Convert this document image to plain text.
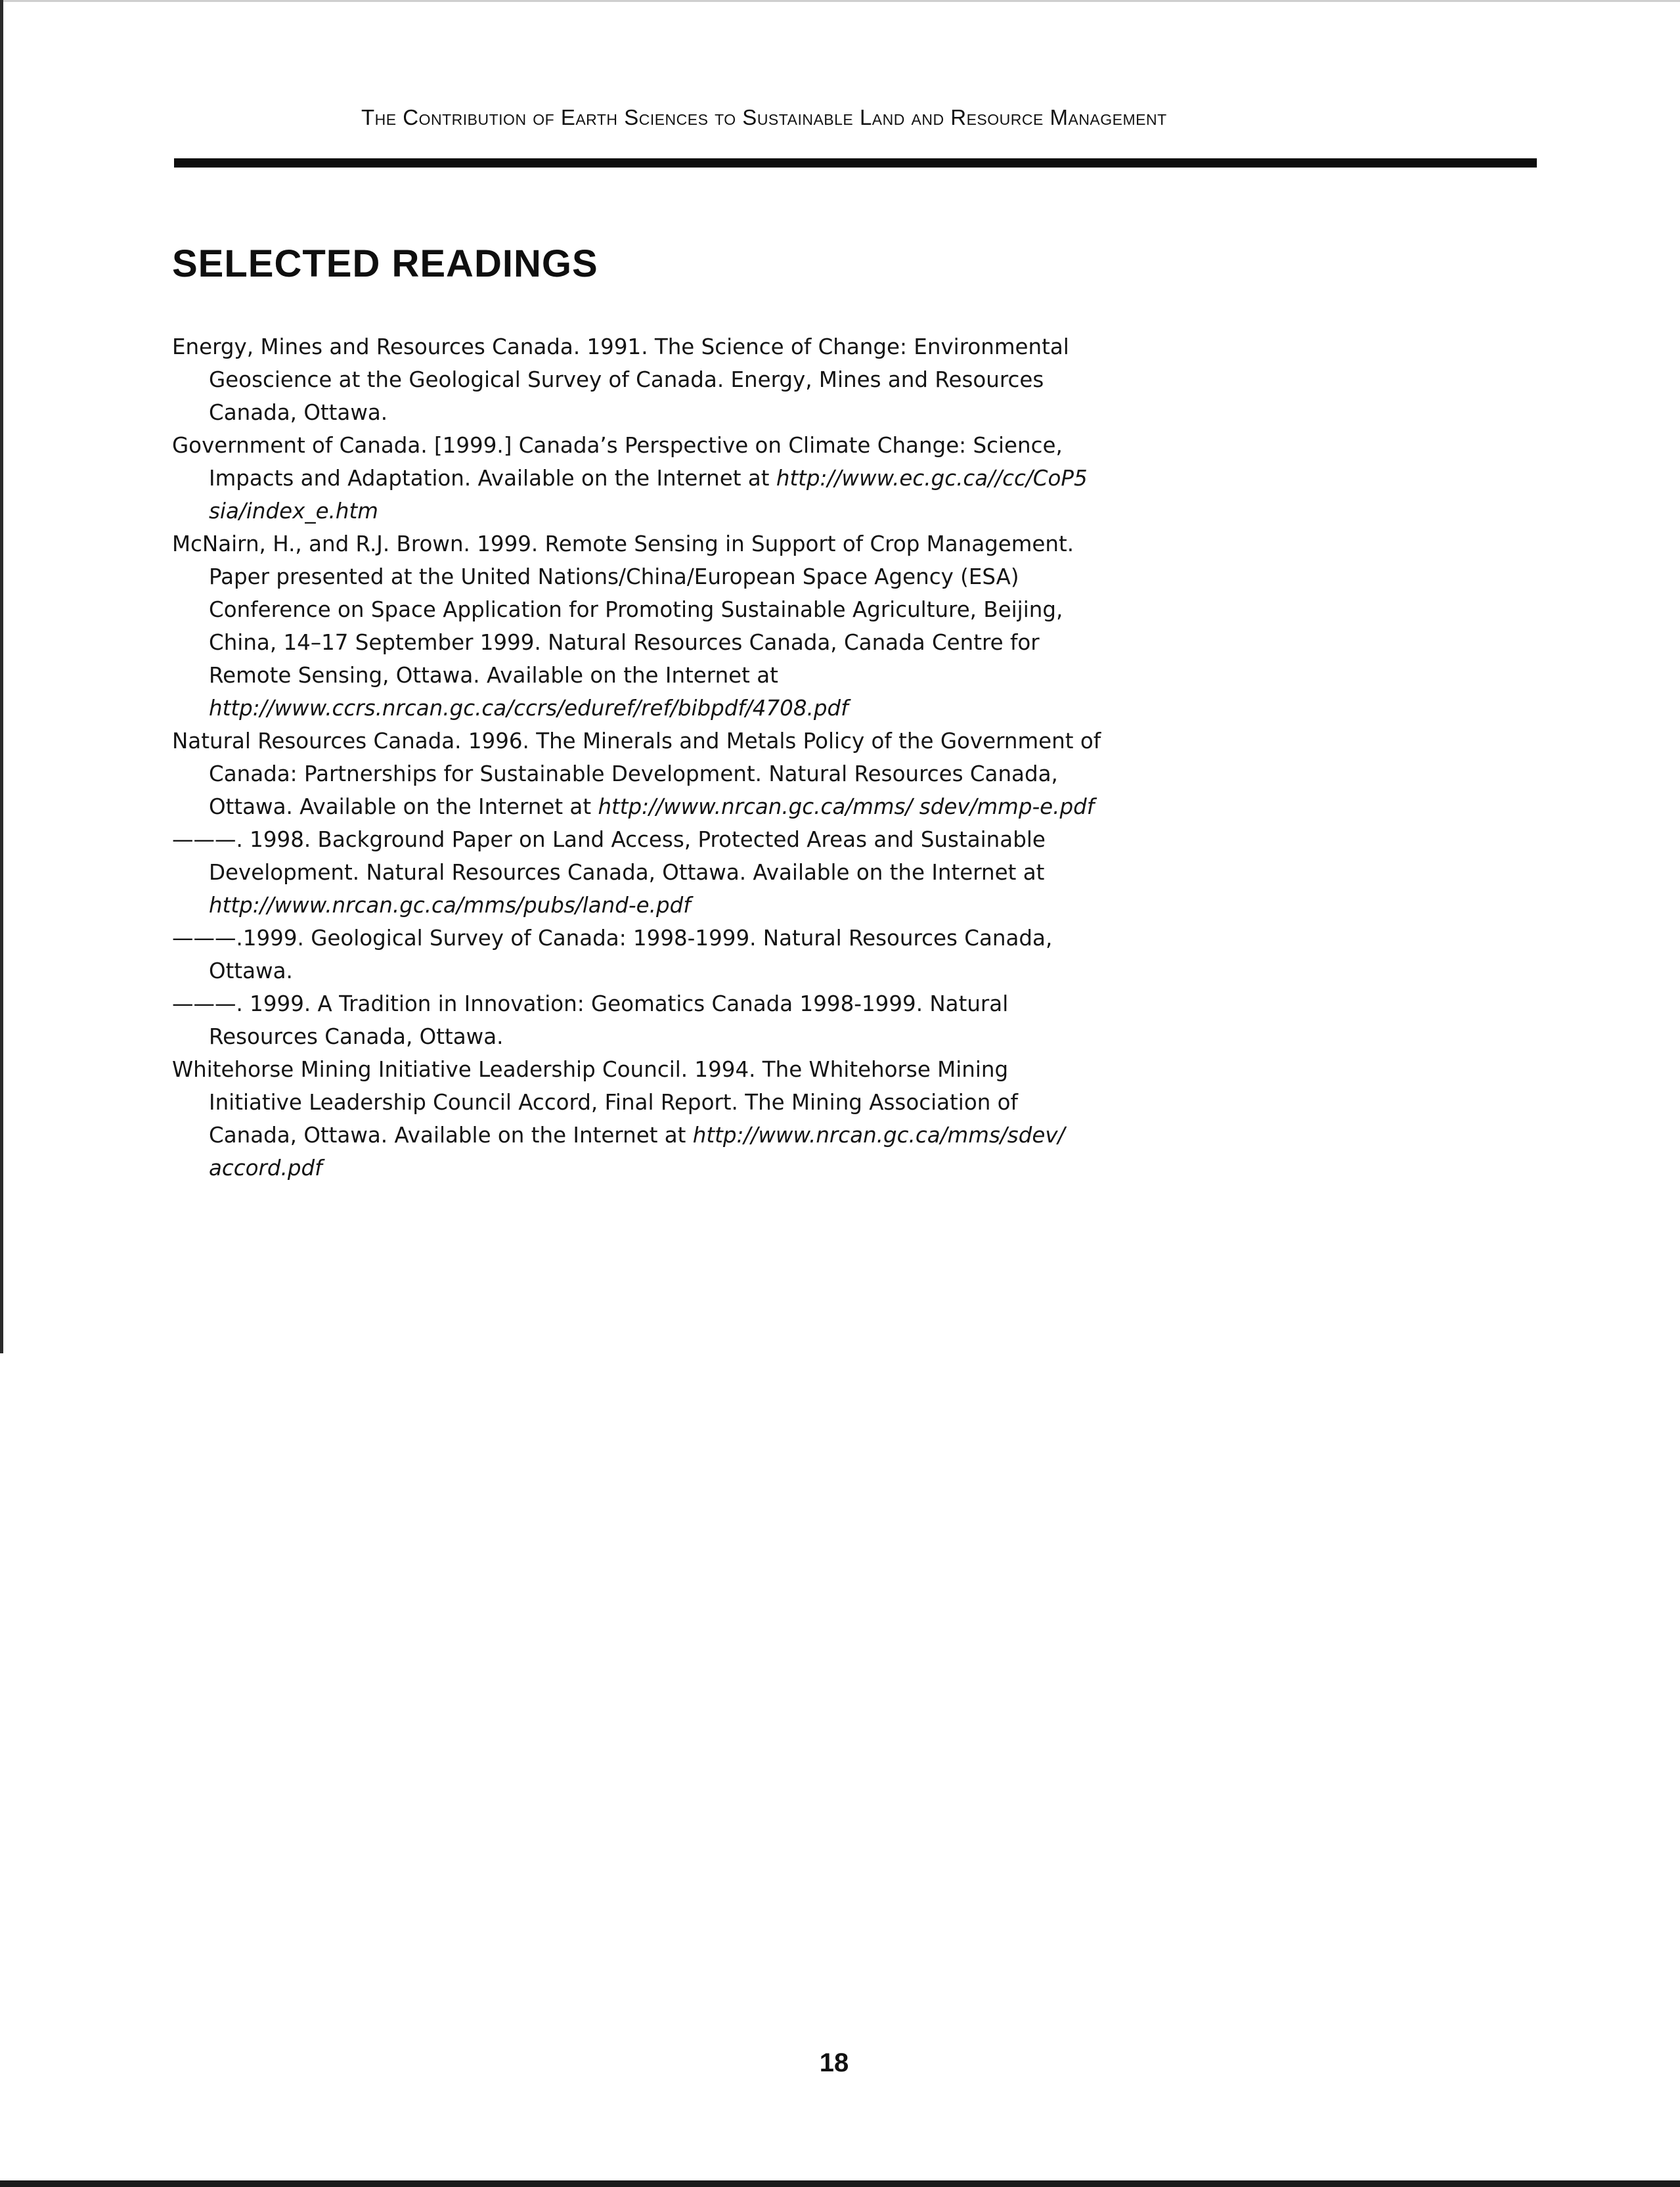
The Contribution of Earth Sciences to Sustainable Land and Resource Management
SELECTED READINGS

Energy, Mines and Resources Canada. 1991. The Science of Change: Environmental Geoscience at the Geological Survey of Canada. Energy, Mines and Resources Canada, Ottawa.

Government of Canada. [1999.] Canada’s Perspective on Climate Change: Science, Impacts and Adaptation. Available on the Internet at http://www.ec.gc.ca//cc/CoP5 sia/index_e.htm

McNairn, H., and R.J. Brown. 1999. Remote Sensing in Support of Crop Management. Paper presented at the United Nations/China/European Space Agency (ESA) Conference on Space Application for Promoting Sustainable Agriculture, Beijing, China, 14–17 September 1999. Natural Resources Canada, Canada Centre for Remote Sensing, Ottawa. Available on the Internet at http://www.ccrs.nrcan.gc.ca/ccrs/eduref/ref/bibpdf/4708.pdf

Natural Resources Canada. 1996. The Minerals and Metals Policy of the Government of Canada: Partnerships for Sustainable Development. Natural Resources Canada, Ottawa. Available on the Internet at http://www.nrcan.gc.ca/mms/ sdev/mmp-e.pdf

———. 1998. Background Paper on Land Access, Protected Areas and Sustainable Development. Natural Resources Canada, Ottawa. Available on the Internet at http://www.nrcan.gc.ca/mms/pubs/land-e.pdf

———.1999. Geological Survey of Canada: 1998-1999. Natural Resources Canada, Ottawa.

———. 1999. A Tradition in Innovation: Geomatics Canada 1998-1999. Natural Resources Canada, Ottawa.

Whitehorse Mining Initiative Leadership Council. 1994. The Whitehorse Mining Initiative Leadership Council Accord, Final Report. The Mining Association of Canada, Ottawa. Available on the Internet at http://www.nrcan.gc.ca/mms/sdev/ accord.pdf

18
